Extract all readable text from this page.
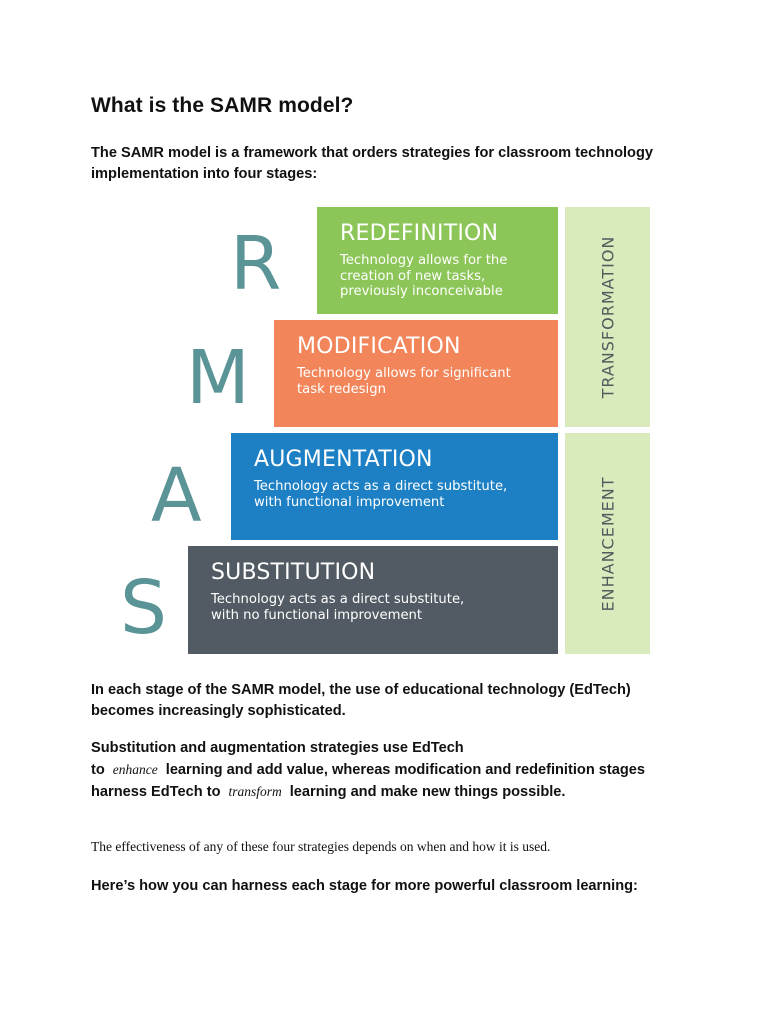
What is the SAMR model?

The SAMR model is a framework that orders strategies for classroom technology implementation into four stages:

R
M
A
S
REDEFINITION
Technology allows for the creation of new tasks, previously inconceivable
MODIFICATION
Technology allows for significant task redesign
AUGMENTATION
Technology acts as a direct substitute, with functional improvement
SUBSTITUTION
Technology acts as a direct substitute, with no functional improvement
TRANSFORMATION
ENHANCEMENT

In each stage of the SAMR model, the use of educational technology (EdTech) becomes increasingly sophisticated.

Substitution and augmentation strategies use EdTech
to enhance learning and add value, whereas modification and redefinition stages harness EdTech to transform learning and make new things possible.

The effectiveness of any of these four strategies depends on when and how it is used.

Here’s how you can harness each stage for more powerful classroom learning:
